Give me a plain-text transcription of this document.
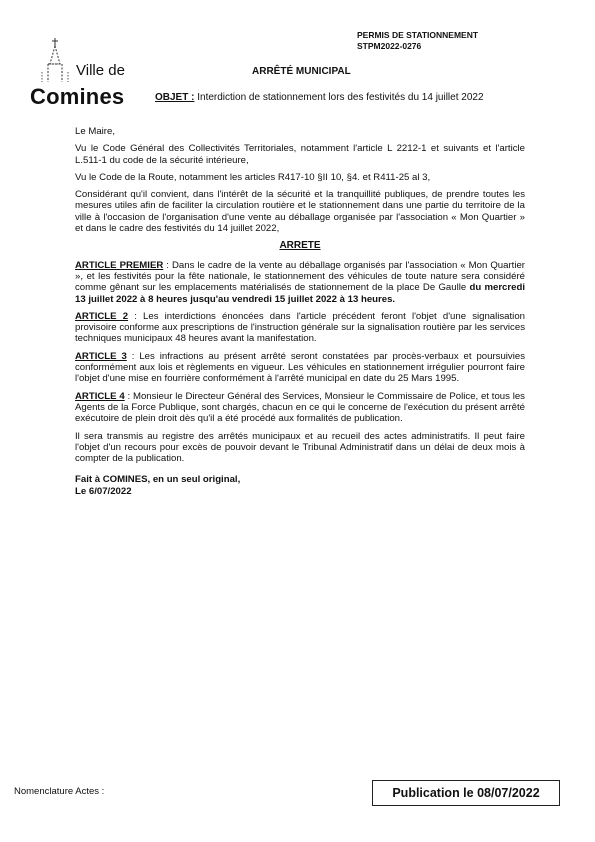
PERMIS DE STATIONNEMENT
STPM2022-0276
Ville de
Comines
ARRÊTÉ MUNICIPAL
OBJET : Interdiction de stationnement lors des festivités du 14 juillet 2022

Le Maire,

Vu le Code Général des Collectivités Territoriales, notamment l'article L 2212-1 et suivants et l'article L.511-1 du code de la sécurité intérieure,

Vu le Code de la Route, notamment les articles R417-10 §II 10, §4. et R411-25 al 3,

Considérant qu'il convient, dans l'intérêt de la sécurité et la tranquillité publiques, de prendre toutes les mesures utiles afin de faciliter la circulation routière et le stationnement dans une partie du territoire de la ville à l'occasion de l'organisation d'une vente au déballage organisée par l'association « Mon Quartier » et dans le cadre des festivités du 14 juillet 2022,

ARRETE

ARTICLE PREMIER : Dans le cadre de la vente au déballage organisés par l'association « Mon Quartier », et les festivités pour la fête nationale, le stationnement des véhicules de toute nature sera considéré comme gênant sur les emplacements matérialisés de stationnement de la place De Gaulle du mercredi 13 juillet 2022 à 8 heures jusqu'au vendredi 15 juillet 2022 à 13 heures.

ARTICLE 2 : Les interdictions énoncées dans l'article précédent feront l'objet d'une signalisation provisoire conforme aux prescriptions de l'instruction générale sur la signalisation routière par les services techniques municipaux 48 heures avant la manifestation.

ARTICLE 3 : Les infractions au présent arrêté seront constatées par procès-verbaux et poursuivies conformément aux lois et règlements en vigueur. Les véhicules en stationnement irrégulier pourront faire l'objet d'une mise en fourrière conformément à l'arrêté municipal en date du 25 Mars 1995.

ARTICLE 4 : Monsieur le Directeur Général des Services, Monsieur le Commissaire de Police, et tous les Agents de la Force Publique, sont chargés, chacun en ce qui le concerne de l'exécution du présent arrêté exécutoire de plein droit dès qu'il a été procédé aux formalités de publication.

Il sera transmis au registre des arrêtés municipaux et au recueil des actes administratifs. Il peut faire l'objet d'un recours pour excès de pouvoir devant le Tribunal Administratif dans un délai de deux mois à compter de la publication.

Fait à COMINES, en un seul original,

Le 6/07/2022

Nomenclature Actes :	Publication le 08/07/2022
